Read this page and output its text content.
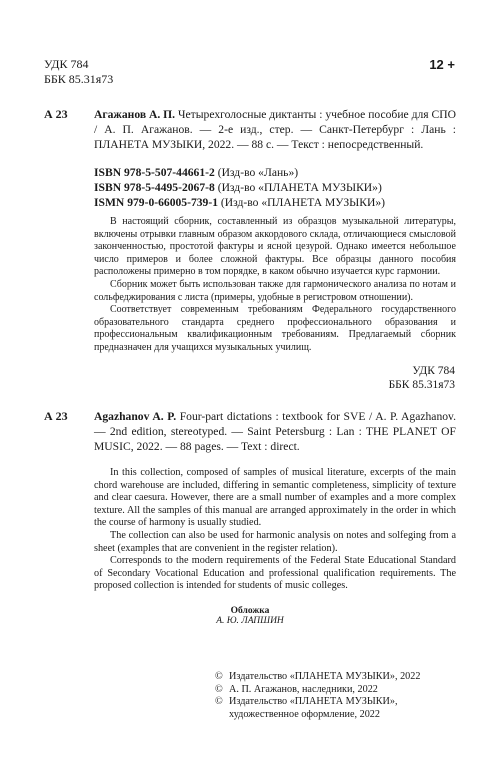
УДК 784
ББК 85.31я73
12 +
А 23 Агажанов А. П. Четырехголосные диктанты : учебное пособие для СПО / А. П. Агажанов. — 2-е изд., стер. — Санкт-Петербург : Лань : ПЛАНЕТА МУЗЫКИ, 2022. — 88 с. — Текст : непосредственный.
ISBN 978-5-507-44661-2 (Изд-во «Лань»)
ISBN 978-5-4495-2067-8 (Изд-во «ПЛАНЕТА МУЗЫКИ»)
ISMN 979-0-66005-739-1 (Изд-во «ПЛАНЕТА МУЗЫКИ»)

В настоящий сборник, составленный из образцов музыкальной литературы, включены отрывки главным образом аккордового склада, отличающиеся смысловой законченностью, простотой фактуры и ясной цезурой. Однако имеется небольшое число примеров и более сложной фактуры. Все образцы данного пособия расположены примерно в том порядке, в каком обычно изучается курс гармонии.

Сборник может быть использован также для гармонического анализа по нотам и сольфеджирования с листа (примеры, удобные в регистровом отношении).

Соответствует современным требованиям Федерального государственного образовательного стандарта среднего профессионального образования и профессиональным квалификационным требованиям. Предлагаемый сборник предназначен для учащихся музыкальных училищ.

УДК 784
ББК 85.31я73
А 23 Agazhanov A. P. Four-part dictations : textbook for SVE / A. P. Agazhanov. — 2nd edition, stereotyped. — Saint Petersburg : Lan : THE PLANET OF MUSIC, 2022. — 88 pages. — Text : direct.

In this collection, composed of samples of musical literature, excerpts of the main chord warehouse are included, differing in semantic completeness, simplicity of texture and clear caesura. However, there are a small number of examples and a more complex texture. All the samples of this manual are arranged approximately in the order in which the course of harmony is usually studied.

The collection can also be used for harmonic analysis on notes and solfeging from a sheet (examples that are convenient in the register relation).

Corresponds to the modern requirements of the Federal State Educational Standard of Secondary Vocational Education and professional qualification requirements. The proposed collection is intended for students of music colleges.

Обложка
А. Ю. ЛАПШИН
© Издательство «ПЛАНЕТА МУЗЫКИ», 2022
© А. П. Агажанов, наследники, 2022
© Издательство «ПЛАНЕТА МУЗЫКИ»,
художественное оформление, 2022
